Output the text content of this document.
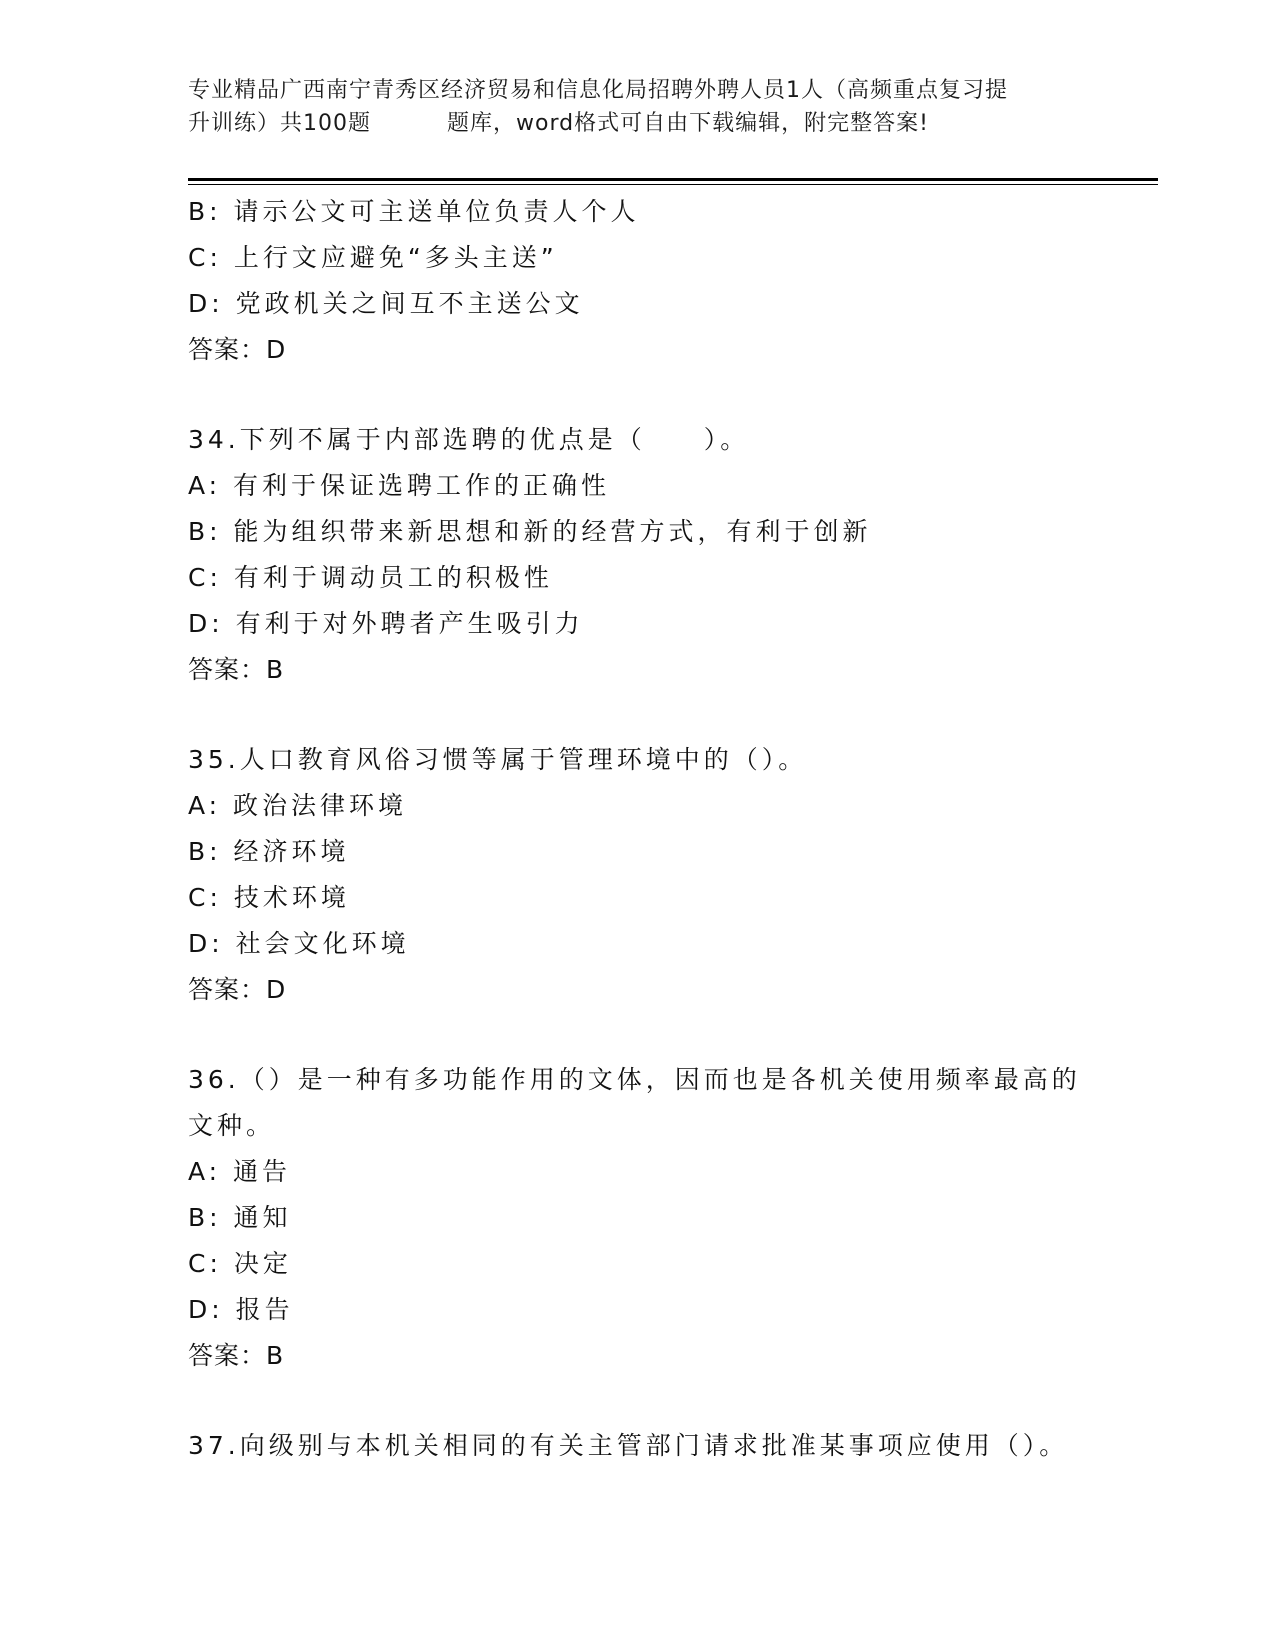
专业精品广西南宁青秀区经济贸易和信息化局招聘外聘人员1人（高频重点复习提
升训练）共100题	题库，word格式可自由下载编辑，附完整答案!
B: 请示公文可主送单位负责人个人
C: 上行文应避免“多头主送”
D: 党政机关之间互不主送公文
答案：D
34.下列不属于内部选聘的优点是（　　）。
A: 有利于保证选聘工作的正确性
B: 能为组织带来新思想和新的经营方式，有利于创新
C: 有利于调动员工的积极性
D: 有利于对外聘者产生吸引力
答案：B
35.人口教育风俗习惯等属于管理环境中的（）。
A: 政治法律环境
B: 经济环境
C: 技术环境
D: 社会文化环境
答案：D
36.（）是一种有多功能作用的文体，因而也是各机关使用频率最高的
文种。
A: 通告
B: 通知
C: 决定
D: 报告
答案：B
37.向级别与本机关相同的有关主管部门请求批准某事项应使用（）。
